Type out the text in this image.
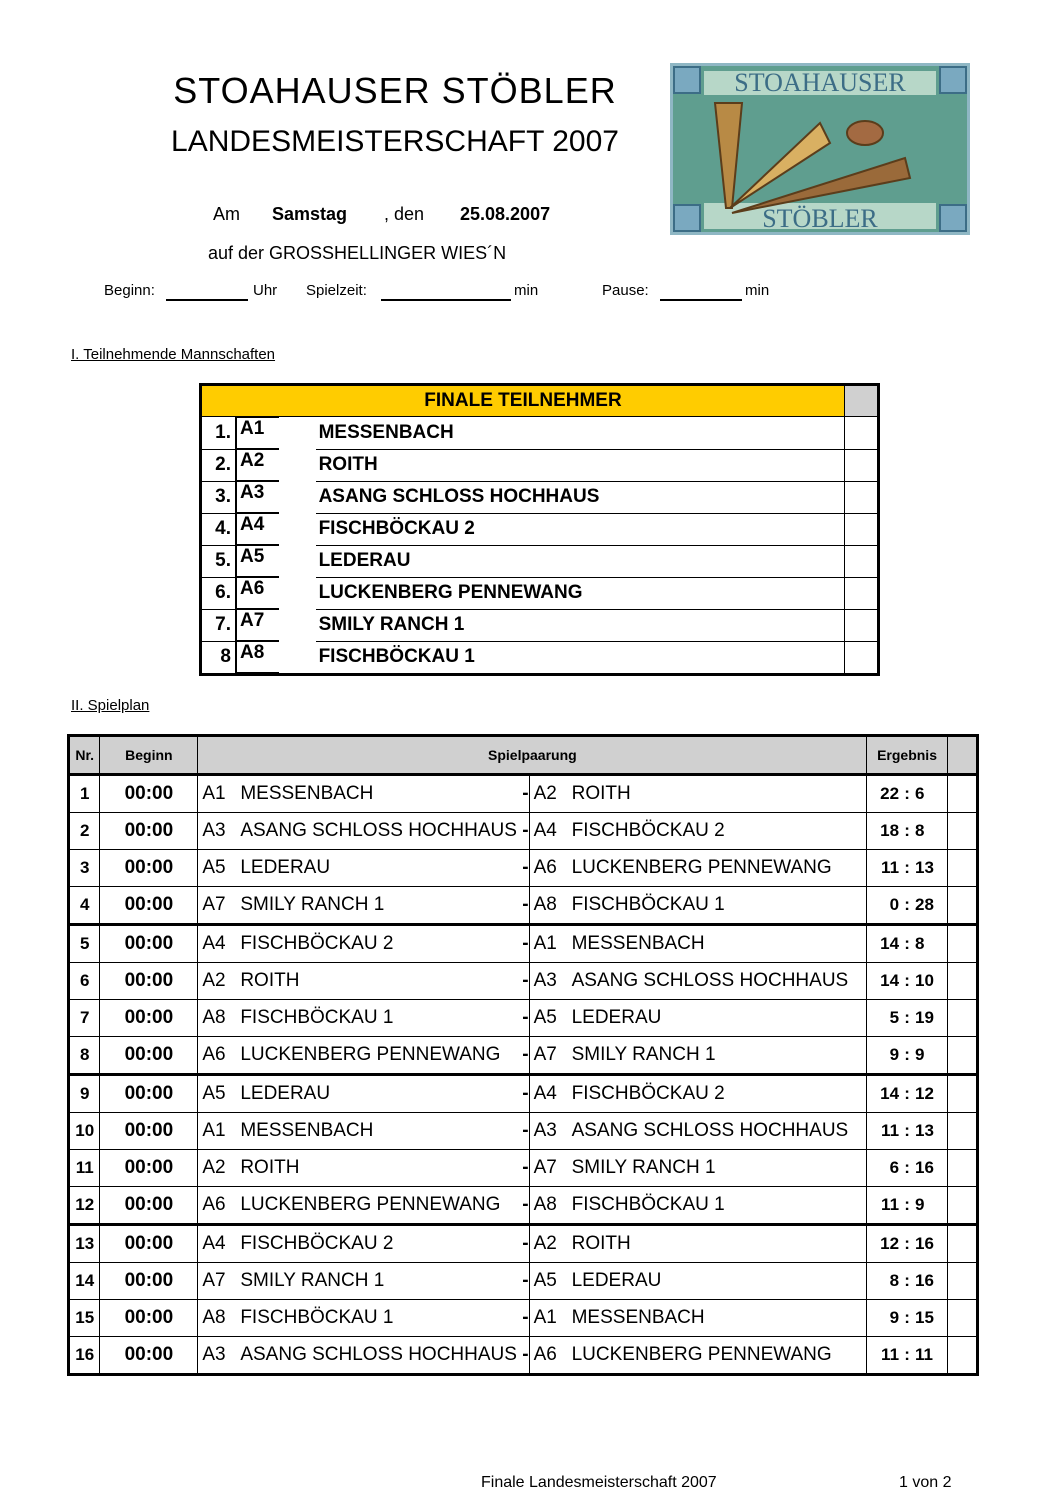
STOAHAUSER STÖBLER
LANDESMEISTERSCHAFT 2007
STOAHAUSER
STÖBLER
Am Samstag , den 25.08.2007
auf der GROSSHELLINGER WIES´N
Beginn:	Uhr Spielzeit:	min	Pause:	min
I. Teilnehmende Mannschaften
FINALE TEILNEHMER		
1.	A1	MESSENBACH	
2.	A2	ROITH	
3.	A3	ASANG SCHLOSS HOCHHAUS	
4.	A4	FISCHBÖCKAU 2	
5.	A5	LEDERAU	
6.	A6	LUCKENBERG PENNEWANG	
7.	A7	SMILY RANCH 1	
8	A8	FISCHBÖCKAU 1	
II. Spielplan
Nr.	Beginn	Spielpaarung			Ergebnis	
1	00:00	A1 MESSENBACH	-	A2 ROITH	22 : 6	
2	00:00	A3 ASANG SCHLOSS HOCHHAUS	-	A4 FISCHBÖCKAU 2	18 : 8	
3	00:00	A5 LEDERAU	-	A6 LUCKENBERG PENNEWANG	11 : 13	
4	00:00	A7 SMILY RANCH 1	-	A8 FISCHBÖCKAU 1	0 : 28	
5	00:00	A4 FISCHBÖCKAU 2	-	A1 MESSENBACH	14 : 8	
6	00:00	A2 ROITH	-	A3 ASANG SCHLOSS HOCHHAUS	14 : 10	
7	00:00	A8 FISCHBÖCKAU 1	-	A5 LEDERAU	5 : 19	
8	00:00	A6 LUCKENBERG PENNEWANG	-	A7 SMILY RANCH 1	9 : 9	
9	00:00	A5 LEDERAU	-	A4 FISCHBÖCKAU 2	14 : 12	
10	00:00	A1 MESSENBACH	-	A3 ASANG SCHLOSS HOCHHAUS	11 : 13	
11	00:00	A2 ROITH	-	A7 SMILY RANCH 1	6 : 16	
12	00:00	A6 LUCKENBERG PENNEWANG	-	A8 FISCHBÖCKAU 1	11 : 9	
13	00:00	A4 FISCHBÖCKAU 2	-	A2 ROITH	12 : 16	
14	00:00	A7 SMILY RANCH 1	-	A5 LEDERAU	8 : 16	
15	00:00	A8 FISCHBÖCKAU 1	-	A1 MESSENBACH	9 : 15	
16	00:00	A3 ASANG SCHLOSS HOCHHAUS	-	A6 LUCKENBERG PENNEWANG	11 : 11	
Finale Landesmeisterschaft 2007	1 von 2
